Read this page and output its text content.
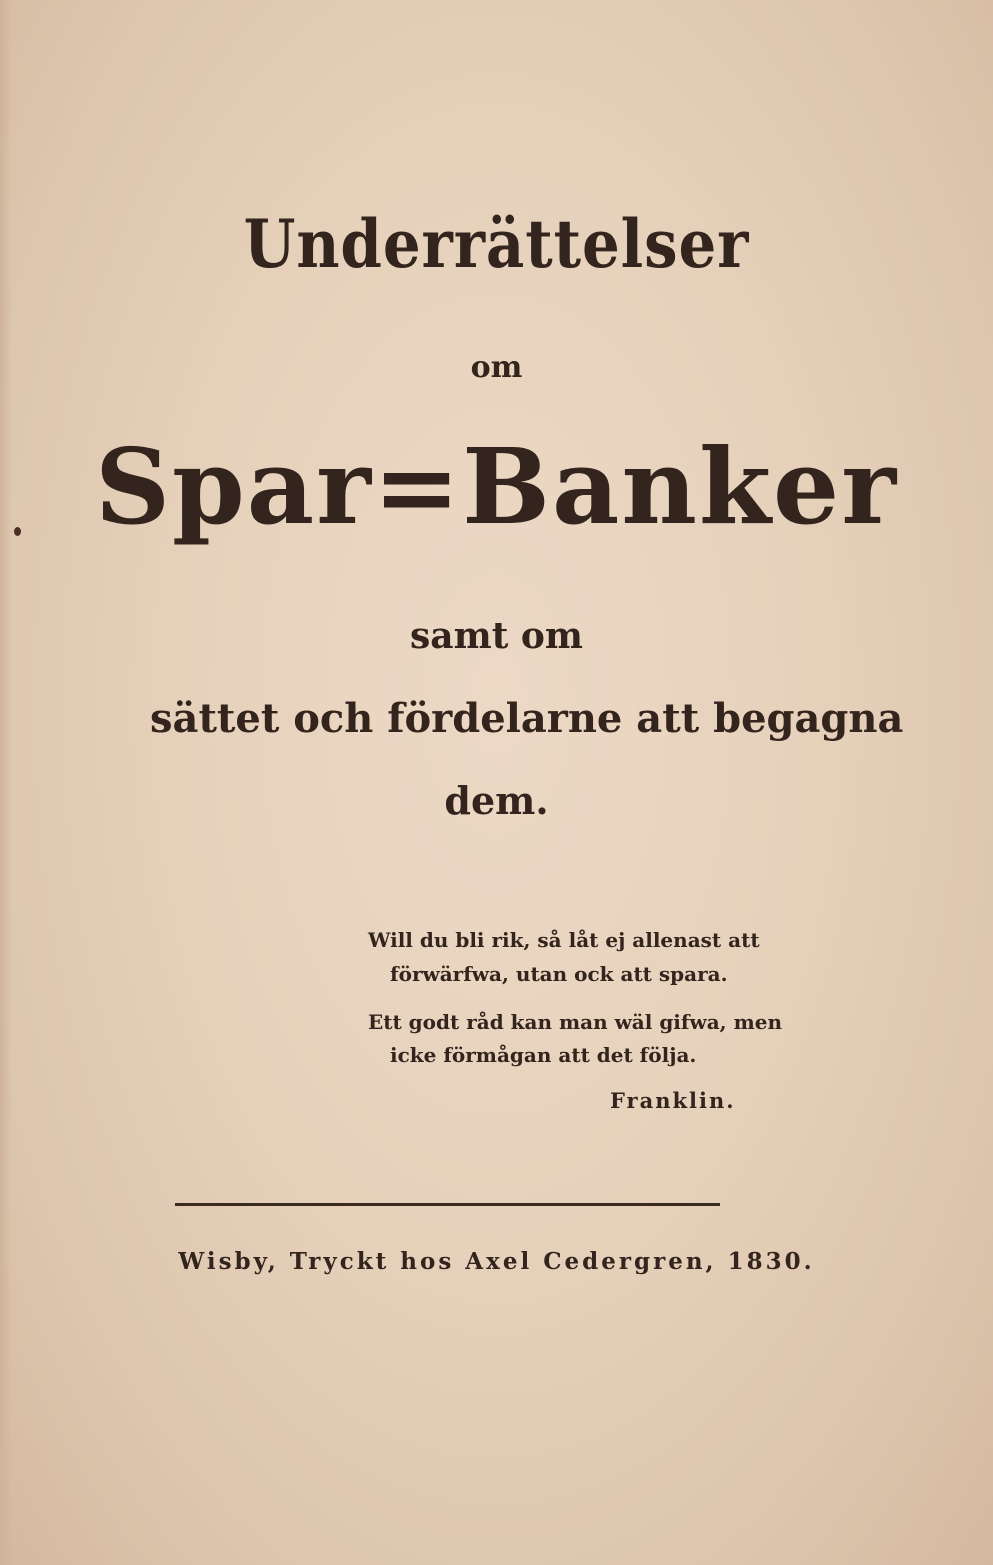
Underrättelser
om
Spar=Banker
samt om
sättet och fördelarne att begagna
dem.
Will du bli rik, så låt ej allenast att
förwärfwa, utan ock att spara.
Ett godt råd kan man wäl gifwa, men
icke förmågan att det följa.
Franklin.
Wisby, Tryckt hos Axel Cedergren, 1830.
